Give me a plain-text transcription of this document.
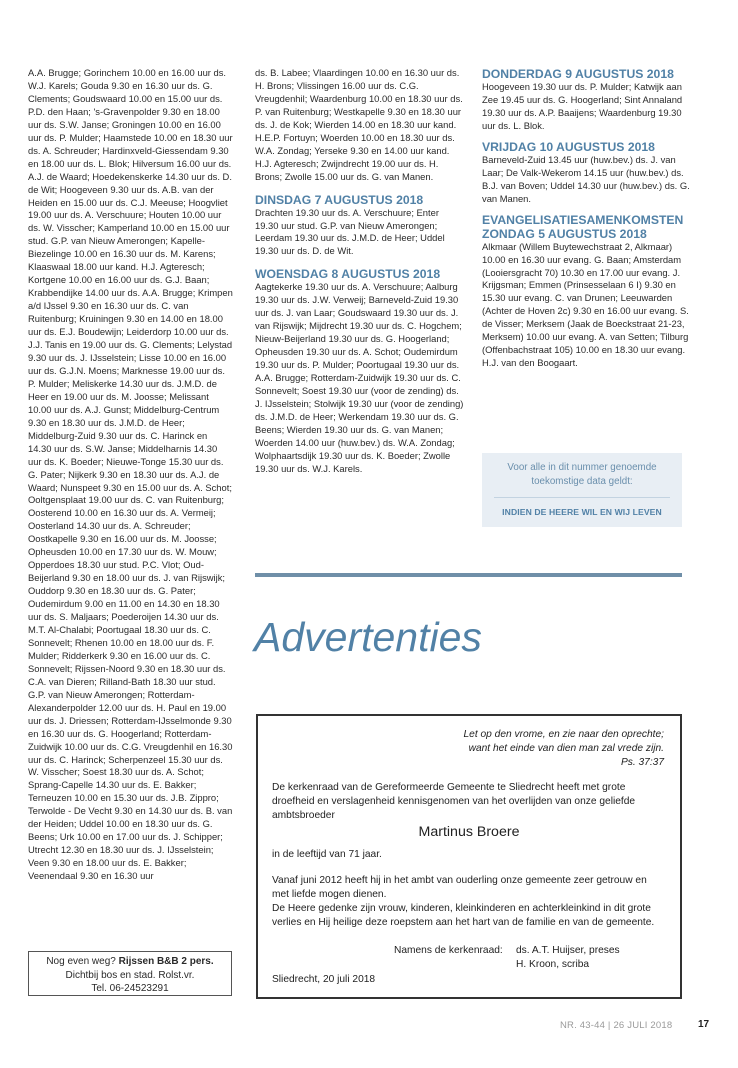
A.A. Brugge; Gorinchem 10.00 en 16.00 uur ds. W.J. Karels; Gouda 9.30 en 16.30 uur ds. G. Clements; Goudswaard 10.00 en 15.00 uur ds. P.D. den Haan; 's-Gravenpolder 9.30 en 18.00 uur ds. S.W. Janse; Groningen 10.00 en 16.00 uur ds. P. Mulder; Haamstede 10.00 en 18.30 uur ds. A. Schreuder; Hardinxveld-Giessendam 9.30 en 18.00 uur ds. L. Blok; Hilversum 16.00 uur ds. A.J. de Waard; Hoedekenskerke 14.30 uur ds. D. de Wit; Hoogeveen 9.30 uur ds. A.B. van der Heiden en 15.00 uur ds. C.J. Meeuse; Hoogvliet 19.00 uur ds. A. Verschuure; Houten 10.00 uur ds. W. Visscher; Kamperland 10.00 en 15.00 uur stud. G.P. van Nieuw Amerongen; Kapelle-Biezelinge 10.00 en 16.30 uur ds. M. Karens; Klaaswaal 18.00 uur kand. H.J. Agteresch; Kortgene 10.00 en 16.00 uur ds. G.J. Baan; Krabbendijke 14.00 uur ds. A.A. Brugge; Krimpen a/d IJssel 9.30 en 16.30 uur ds. C. van Ruitenburg; Kruiningen 9.30 en 14.00 en 18.00 uur ds. E.J. Boudewijn; Leiderdorp 10.00 uur ds. J.J. Tanis en 19.00 uur ds. G. Clements; Lelystad 9.30 uur ds. J. IJsselstein; Lisse 10.00 en 16.00 uur ds. G.J.N. Moens; Marknesse 19.00 uur ds. P. Mulder; Meliskerke 14.30 uur ds. J.M.D. de Heer en 19.00 uur ds. M. Joosse; Melissant 10.00 uur ds. A.J. Gunst; Middelburg-Centrum 9.30 en 18.30 uur ds. J.M.D. de Heer; Middelburg-Zuid 9.30 uur ds. C. Harinck en 14.30 uur ds. S.W. Janse; Middelharnis 14.30 uur ds. K. Boeder; Nieuwe-Tonge 15.30 uur ds. G. Pater; Nijkerk 9.30 en 18.30 uur ds. A.J. de Waard; Nunspeet 9.30 en 15.00 uur ds. A. Schot; Ooltgensplaat 19.00 uur ds. C. van Ruitenburg; Oosterend 10.00 en 16.30 uur ds. A. Vermeij; Oosterland 14.30 uur ds. A. Schreuder; Oostkapelle 9.30 en 16.00 uur ds. M. Joosse; Opheusden 10.00 en 17.30 uur ds. W. Mouw; Opperdoes 18.30 uur stud. P.C. Vlot; Oud-Beijerland 9.30 en 18.00 uur ds. J. van Rijswijk; Ouddorp 9.30 en 18.30 uur ds. G. Pater; Oudemirdum 9.00 en 11.00 en 14.30 en 18.30 uur ds. S. Maljaars; Poederoijen 14.30 uur ds. M.T. Al-Chalabi; Poortugaal 18.30 uur ds. C. Sonnevelt; Rhenen 10.00 en 18.00 uur ds. F. Mulder; Ridderkerk 9.30 en 16.00 uur ds. C. Sonnevelt; Rijssen-Noord 9.30 en 18.30 uur ds. C.A. van Dieren; Rilland-Bath 18.30 uur stud. G.P. van Nieuw Amerongen; Rotterdam-Alexanderpolder 12.00 uur ds. H. Paul en 19.00 uur ds. J. Driessen; Rotterdam-IJsselmonde 9.30 en 16.30 uur ds. G. Hoogerland; Rotterdam-Zuidwijk 10.00 uur ds. C.G. Vreugdenhil en 16.30 uur ds. C. Harinck; Scherpenzeel 15.30 uur ds. W. Visscher; Soest 18.30 uur ds. A. Schot; Sprang-Capelle 14.30 uur ds. E. Bakker; Terneuzen 10.00 en 15.30 uur ds. J.B. Zippro; Terwolde - De Vecht 9.30 en 14.30 uur ds. B. van der Heiden; Uddel 10.00 en 18.30 uur ds. G. Beens; Urk 10.00 en 17.00 uur ds. J. Schipper; Utrecht 12.30 en 18.30 uur ds. J. IJsselstein; Veen 9.30 en 18.00 uur ds. E. Bakker; Veenendaal 9.30 en 16.30 uur

ds. B. Labee; Vlaardingen 10.00 en 16.30 uur ds. H. Brons; Vlissingen 16.00 uur ds. C.G. Vreugdenhil; Waardenburg 10.00 en 18.30 uur ds. P. van Ruitenburg; Westkapelle 9.30 en 18.30 uur ds. J. de Kok; Wierden 14.00 en 18.30 uur kand. H.E.P. Fortuyn; Woerden 10.00 en 18.30 uur ds. W.A. Zondag; Yerseke 9.30 en 14.00 uur kand. H.J. Agteresch; Zwijndrecht 19.00 uur ds. H. Brons; Zwolle 15.00 uur ds. G. van Manen.

DINSDAG 7 AUGUSTUS 2018

Drachten 19.30 uur ds. A. Verschuure; Enter 19.30 uur stud. G.P. van Nieuw Amerongen; Leerdam 19.30 uur ds. J.M.D. de Heer; Uddel 19.30 uur ds. D. de Wit.

WOENSDAG 8 AUGUSTUS 2018

Aagtekerke 19.30 uur ds. A. Verschuure; Aalburg 19.30 uur ds. J.W. Verweij; Barneveld-Zuid 19.30 uur ds. J. van Laar; Goudswaard 19.30 uur ds. J. van Rijswijk; Mijdrecht 19.30 uur ds. C. Hogchem; Nieuw-Beijerland 19.30 uur ds. G. Hoogerland; Opheusden 19.30 uur ds. A. Schot; Oudemirdum 19.30 uur ds. P. Mulder; Poortugaal 19.30 uur ds. A.A. Brugge; Rotterdam-Zuidwijk 19.30 uur ds. C. Sonnevelt; Soest 19.30 uur (voor de zending) ds. J. IJsselstein; Stolwijk 19.30 uur (voor de zending) ds. J.M.D. de Heer; Werkendam 19.30 uur ds. G. Beens; Wierden 19.30 uur ds. G. van Manen; Woerden 14.00 uur (huw.bev.) ds. W.A. Zondag; Wolphaartsdijk 19.30 uur ds. K. Boeder; Zwolle 19.30 uur ds. W.J. Karels.

DONDERDAG 9 AUGUSTUS 2018

Hoogeveen 19.30 uur ds. P. Mulder; Katwijk aan Zee 19.45 uur ds. G. Hoogerland; Sint Annaland 19.30 uur ds. A.P. Baaijens; Waardenburg 19.30 uur ds. L. Blok.

VRIJDAG 10 AUGUSTUS 2018

Barneveld-Zuid 13.45 uur (huw.bev.) ds. J. van Laar; De Valk-Wekerom 14.15 uur (huw.bev.) ds. B.J. van Boven; Uddel 14.30 uur (huw.bev.) ds. G. van Manen.

EVANGELISATIESAMENKOMSTEN

ZONDAG 5 AUGUSTUS 2018

Alkmaar (Willem Buytewechstraat 2, Alkmaar) 10.00 en 16.30 uur evang. G. Baan; Amsterdam (Looiersgracht 70) 10.30 en 17.00 uur evang. J. Krijgsman; Emmen (Prinsesselaan 6 I) 9.30 en 15.30 uur evang. C. van Drunen; Leeuwarden (Achter de Hoven 2c) 9.30 en 16.00 uur evang. S. de Visser; Merksem (Jaak de Boeckstraat 21-23, Merksem) 10.00 uur evang. A. van Setten; Tilburg (Offenbachstraat 105) 10.00 en 18.30 uur evang. H.J. van den Boogaart.

Voor alle in dit nummer genoemde toekomstige data geldt:
INDIEN DE HEERE WIL EN WIJ LEVEN
Advertenties
Nog even weg? Rijssen B&B 2 pers.
Dichtbij bos en stad. Rolst.vr.
Tel. 06-24523291
Let op den vrome, en zie naar den oprechte;
want het einde van dien man zal vrede zijn.
Ps. 37:37
De kerkenraad van de Gereformeerde Gemeente te Sliedrecht heeft met grote droefheid en verslagenheid kennisgenomen van het overlijden van onze geliefde ambtsbroeder
Martinus Broere
in de leeftijd van 71 jaar.
Vanaf juni 2012 heeft hij in het ambt van ouderling onze gemeente zeer getrouw en met liefde mogen dienen.
De Heere gedenke zijn vrouw, kinderen, kleinkinderen en achterkleinkind in dit grote verlies en Hij heilige deze roepstem aan het hart van de familie en van de gemeente.
Namens de kerkenraad: ds. A.T. Huijser, preses
H. Kroon, scriba
Sliedrecht, 20 juli 2018
NR. 43-44 | 26 JULI 2018	17
